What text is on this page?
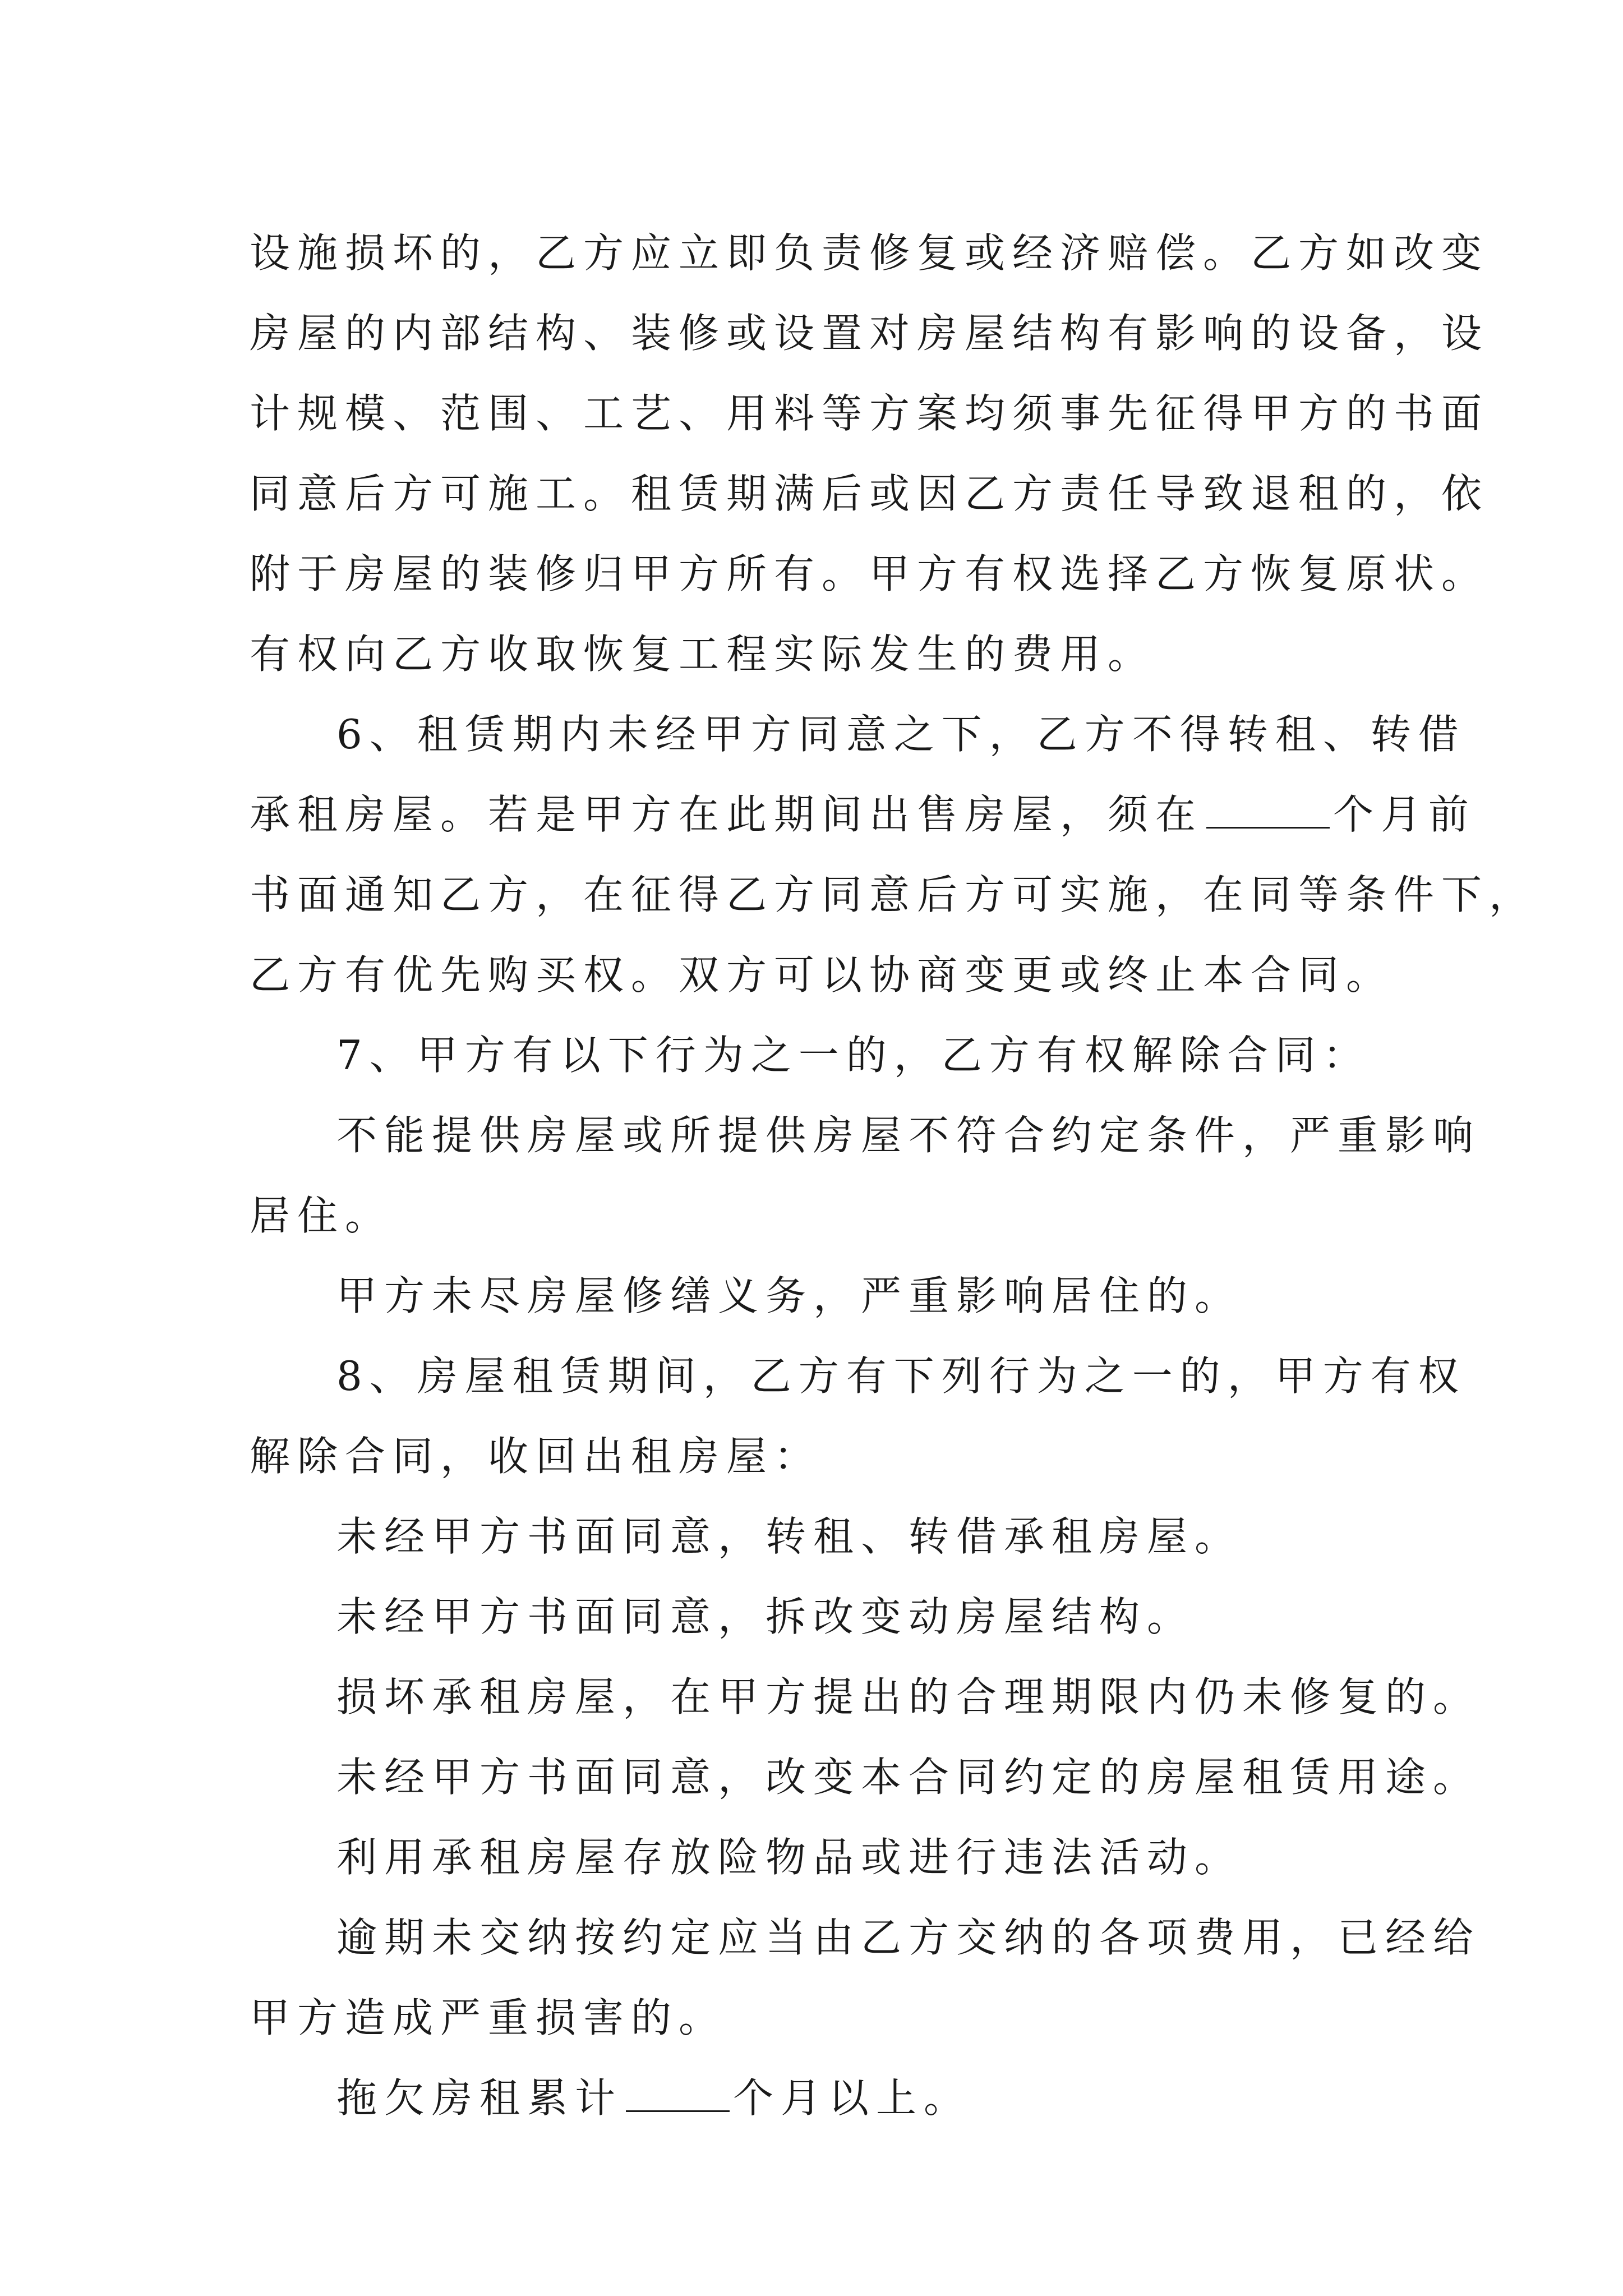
设施损坏的，乙方应立即负责修复或经济赔偿。乙方如改变
房屋的内部结构、装修或设置对房屋结构有影响的设备，设
计规模、范围、工艺、用料等方案均须事先征得甲方的书面
同意后方可施工。租赁期满后或因乙方责任导致退租的，依
附于房屋的装修归甲方所有。甲方有权选择乙方恢复原状。
有权向乙方收取恢复工程实际发生的费用。
6、租赁期内未经甲方同意之下，乙方不得转租、转借
承租房屋。若是甲方在此期间出售房屋，须在	个月前
书面通知乙方，在征得乙方同意后方可实施，在同等条件下，
乙方有优先购买权。双方可以协商变更或终止本合同。
7、甲方有以下行为之一的，乙方有权解除合同：
不能提供房屋或所提供房屋不符合约定条件，严重影响
居住。
甲方未尽房屋修缮义务，严重影响居住的。
8、房屋租赁期间，乙方有下列行为之一的，甲方有权
解除合同，收回出租房屋：
未经甲方书面同意，转租、转借承租房屋。
未经甲方书面同意，拆改变动房屋结构。
损坏承租房屋，在甲方提出的合理期限内仍未修复的。
未经甲方书面同意，改变本合同约定的房屋租赁用途。
利用承租房屋存放险物品或进行违法活动。
逾期未交纳按约定应当由乙方交纳的各项费用，已经给
甲方造成严重损害的。
拖欠房租累计	个月以上。
